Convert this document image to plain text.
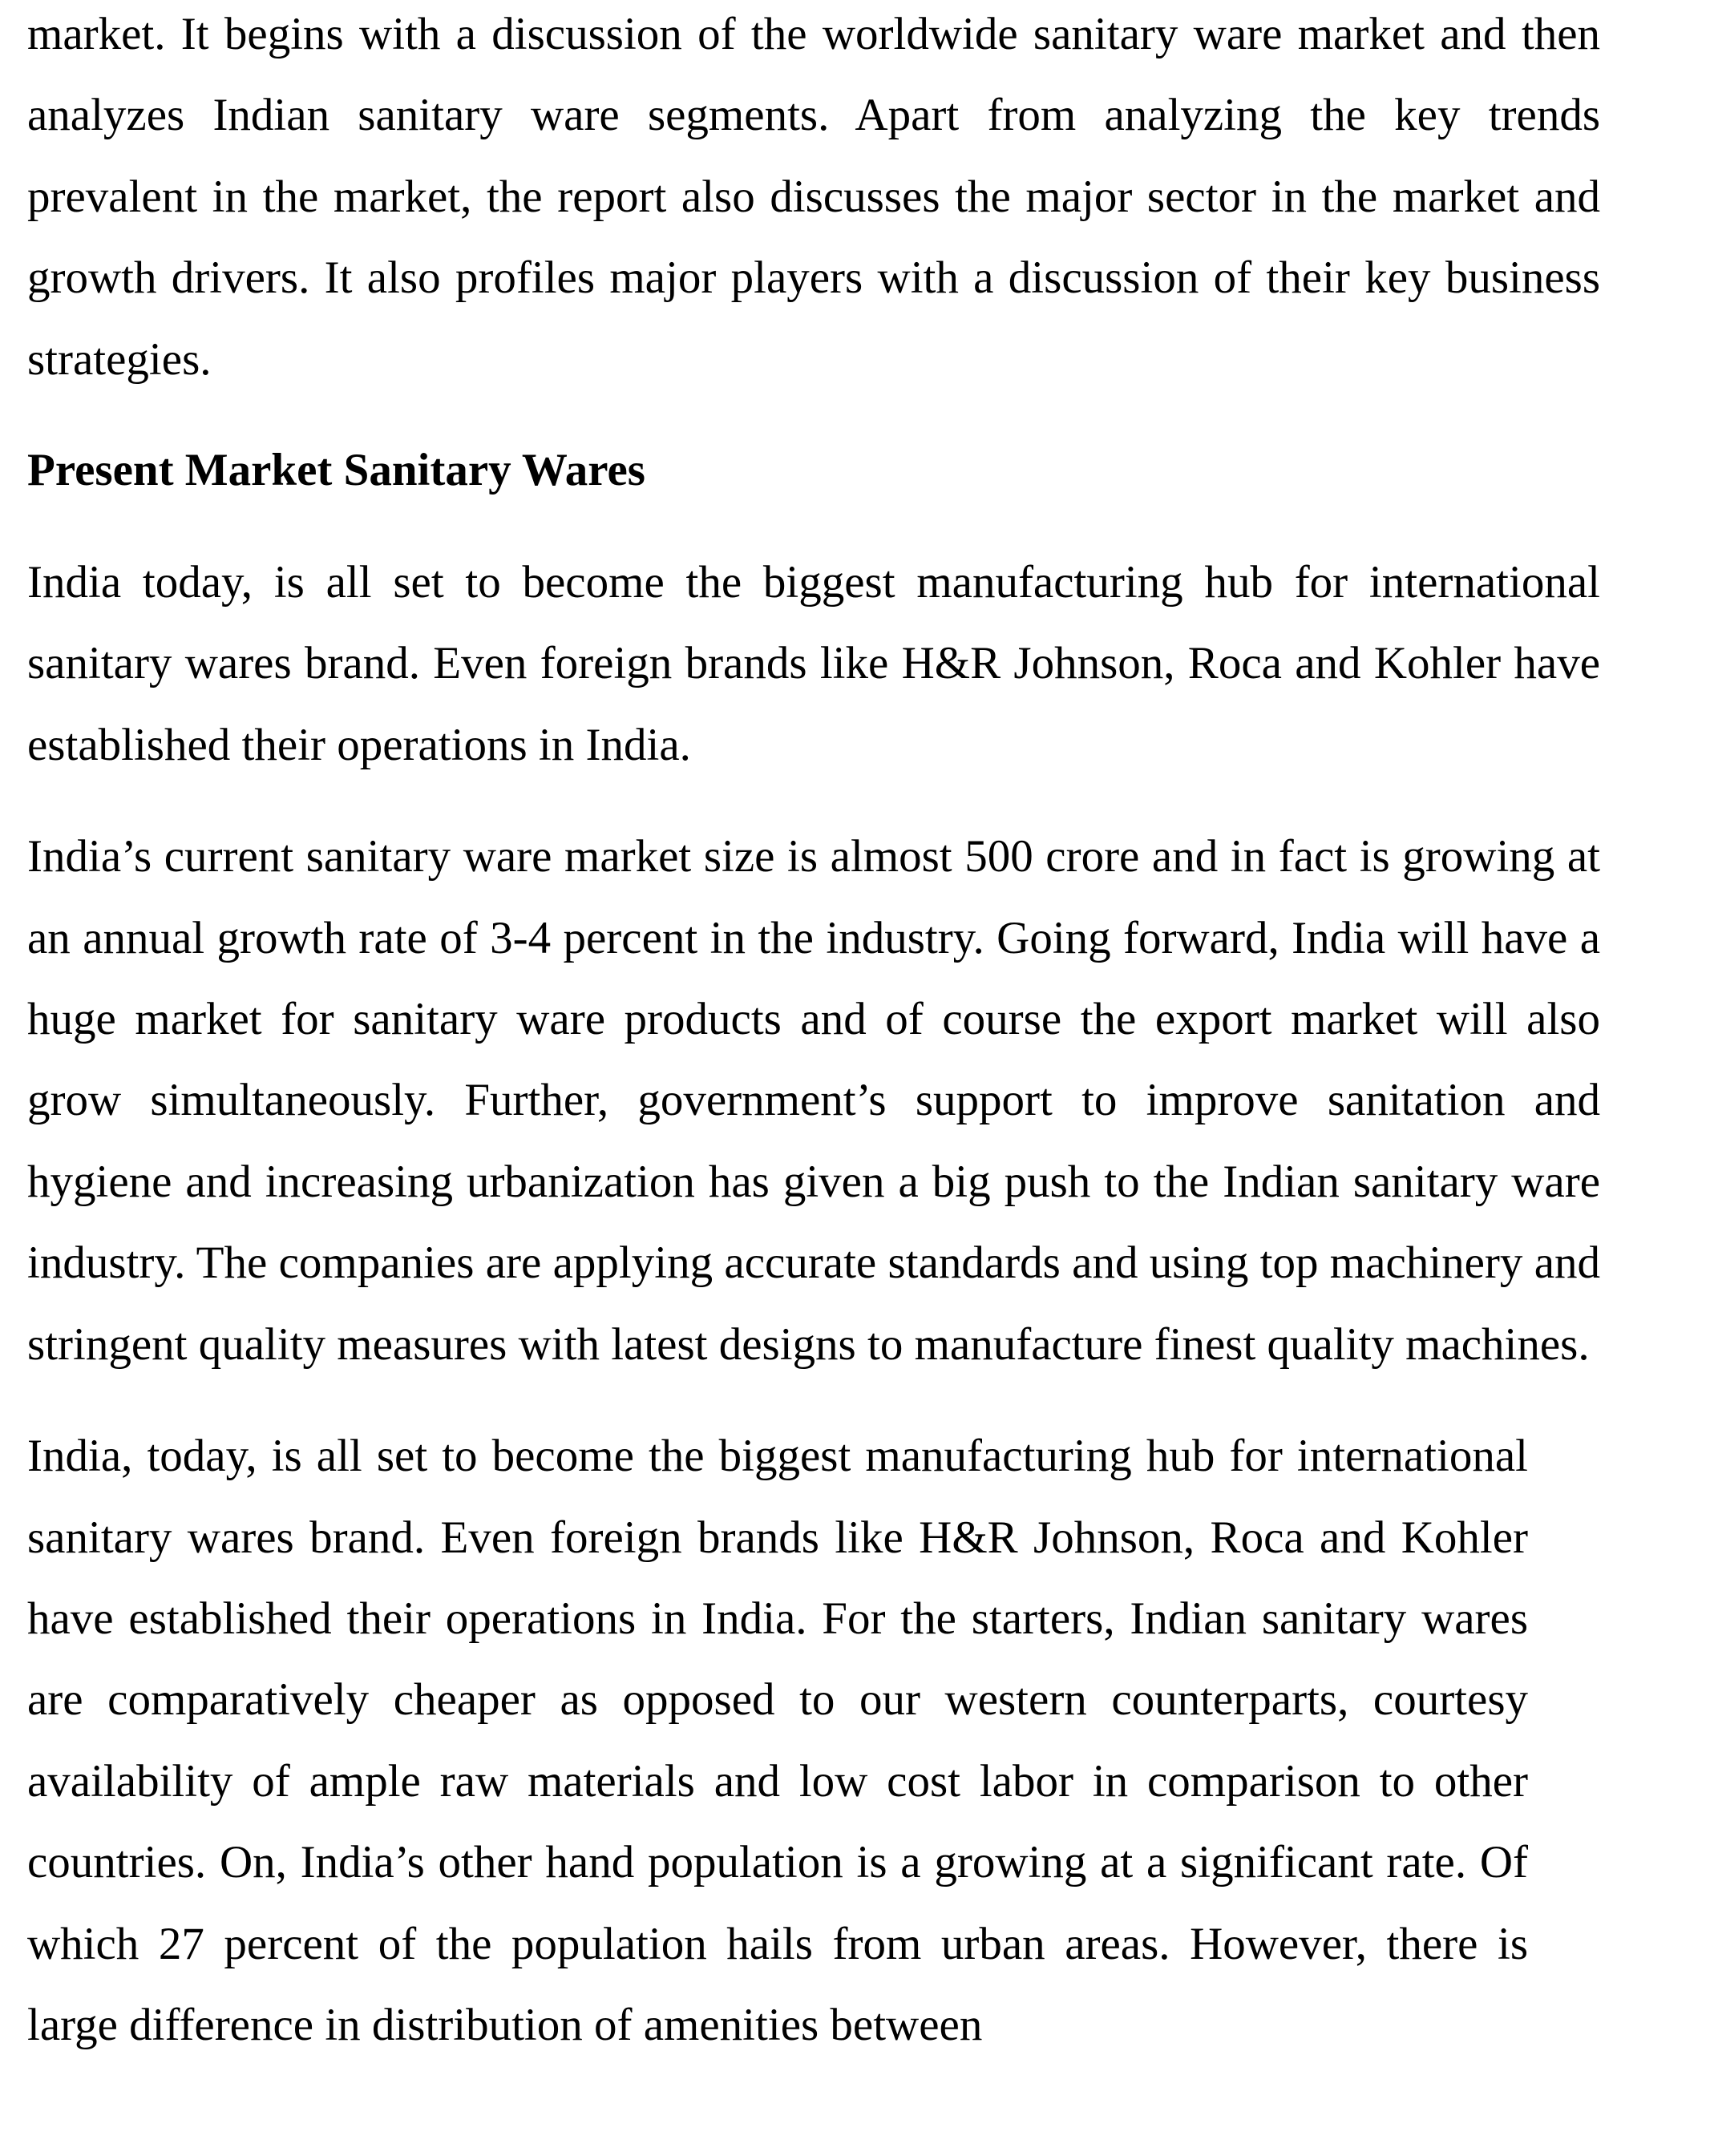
market. It begins with a discussion of the worldwide sanitary ware market and then analyzes Indian sanitary ware segments. Apart from analyzing the key trends prevalent in the market, the report also discusses the major sector in the market and growth drivers. It also profiles major players with a discussion of their key business strategies.

Present Market Sanitary Wares

India today, is all set to become the biggest manufacturing hub for international sanitary wares brand. Even foreign brands like H&R Johnson, Roca and Kohler have established their operations in India.

India’s current sanitary ware market size is almost 500 crore and in fact is growing at an annual growth rate of 3-4 percent in the industry. Going forward, India will have a huge market for sanitary ware products and of course the export market will also grow simultaneously. Further, government’s support to improve sanitation and hygiene and increasing urbanization has given a big push to the Indian sanitary ware industry. The companies are applying accurate standards and using top machinery and stringent quality measures with latest designs to manufacture finest quality machines.

India, today, is all set to become the biggest manufacturing hub for international sanitary wares brand. Even foreign brands like H&R Johnson, Roca and Kohler have established their operations in India. For the starters, Indian sanitary wares are comparatively cheaper as opposed to our western counterparts, courtesy availability of ample raw materials and low cost labor in comparison to other countries. On, India’s other hand population is a growing at a significant rate. Of which 27 percent of the population hails from urban areas. However, there is large difference in distribution of amenities between
